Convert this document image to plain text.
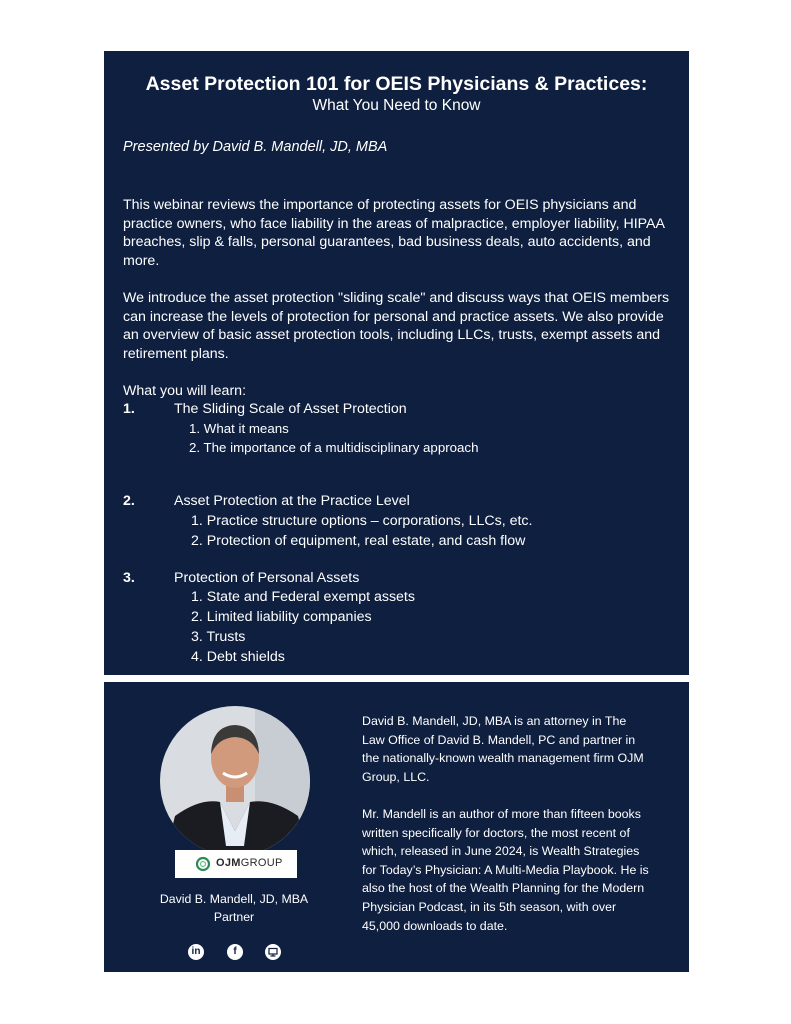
Asset Protection 101 for OEIS Physicians & Practices:
What You Need to Know
Presented by David B. Mandell, JD, MBA

This webinar reviews the importance of protecting assets for OEIS physicians and practice owners, who face liability in the areas of malpractice, employer liability, HIPAA breaches, slip & falls, personal guarantees, bad business deals, auto accidents, and more.

We introduce the asset protection "sliding scale" and discuss ways that OEIS members can increase the levels of protection for personal and practice assets. We also provide an overview of basic asset protection tools, including LLCs, trusts, exempt assets and retirement plans.

What you will learn:
1.	The Sliding Scale of Asset Protection
1. What it means
2. The importance of a multidisciplinary approach
2.	Asset Protection at the Practice Level
1. Practice structure options – corporations, LLCs, etc.
2. Protection of equipment, real estate, and cash flow
3.	Protection of Personal Assets
1. State and Federal exempt assets
2. Limited liability companies
3. Trusts
4. Debt shields
OJMGROUP
David B. Mandell, JD, MBA
Partner
in	f

David B. Mandell, JD, MBA is an attorney in The Law Office of David B. Mandell, PC and partner in the nationally-known wealth management firm OJM Group, LLC.

Mr. Mandell is an author of more than fifteen books written specifically for doctors, the most recent of which, released in June 2024, is Wealth Strategies for Today’s Physician: A Multi-Media Playbook. He is also the host of the Wealth Planning for the Modern Physician Podcast, in its 5th season, with over 45,000 downloads to date.
